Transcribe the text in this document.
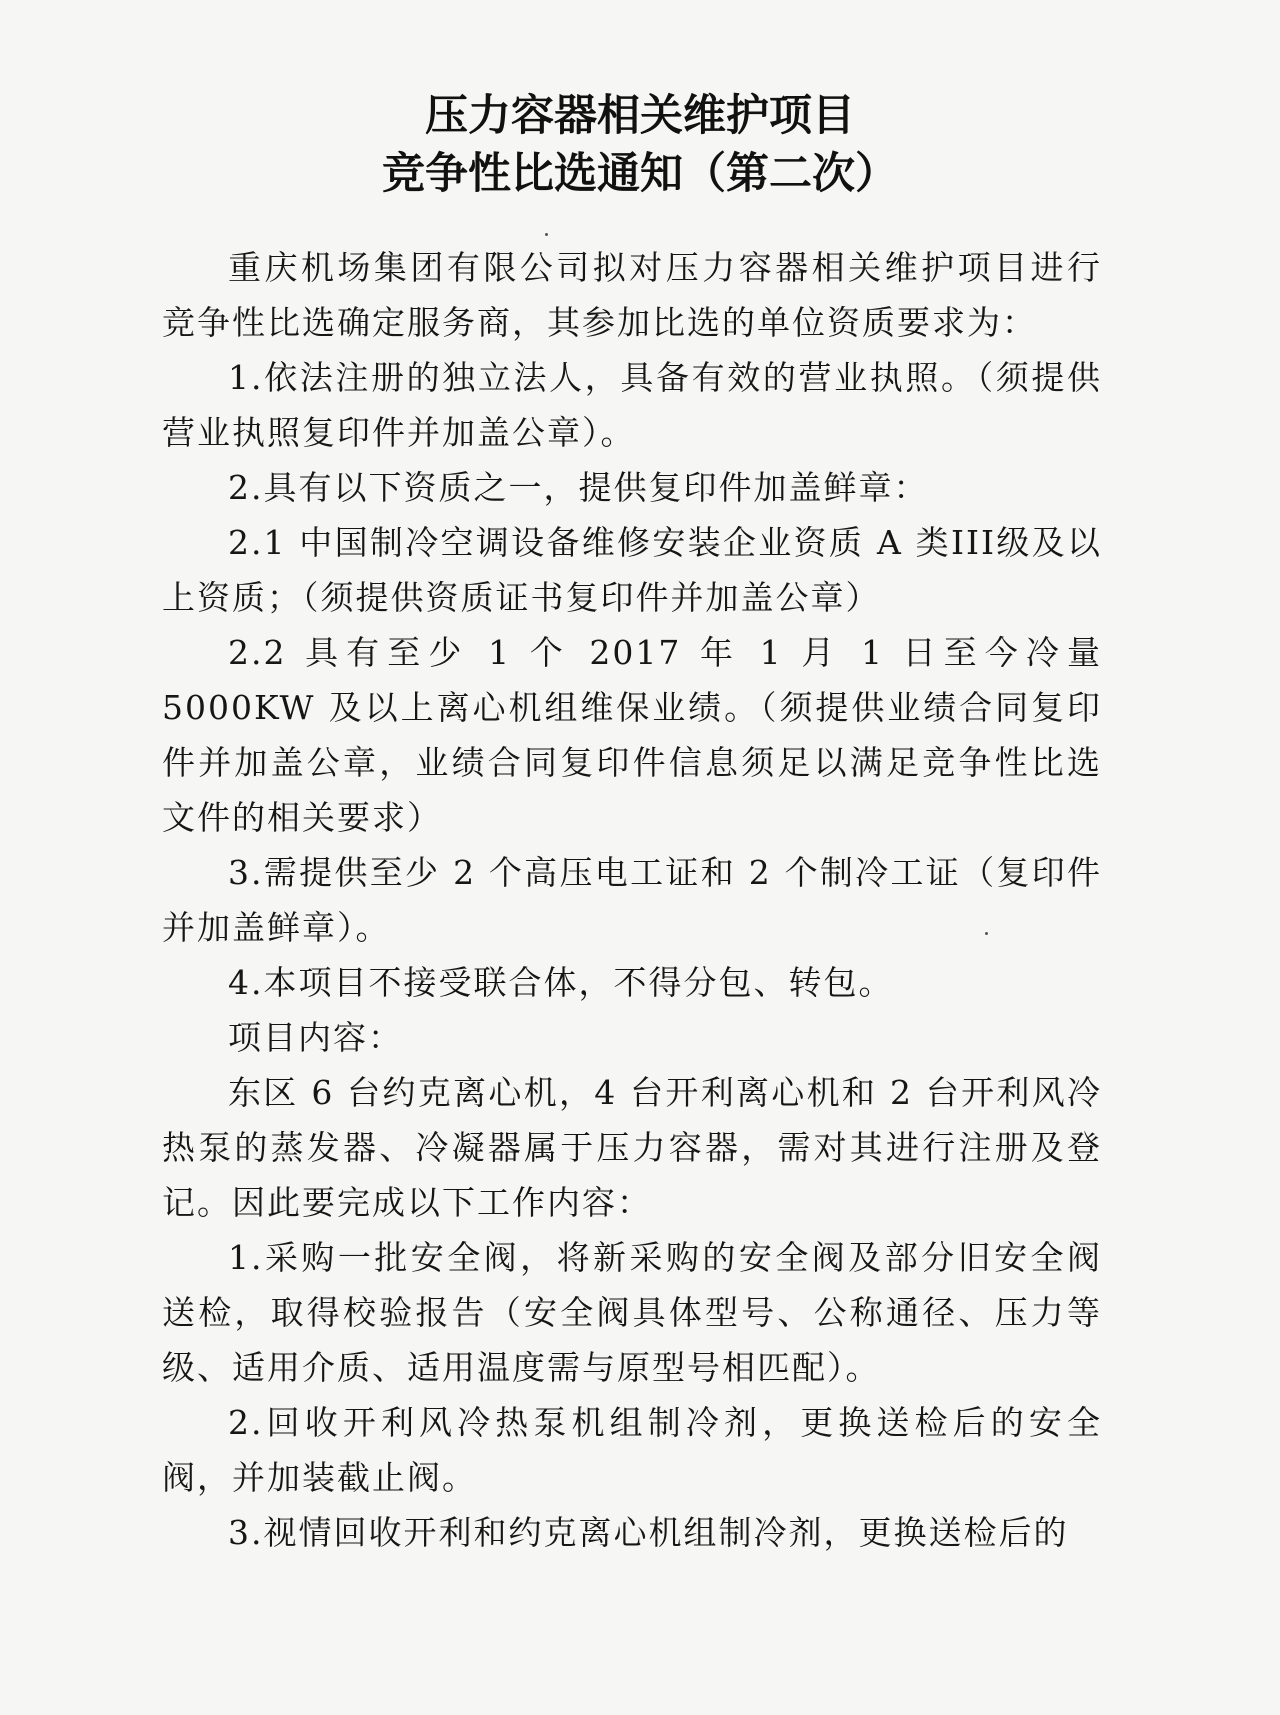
压力容器相关维护项目
竞争性比选通知（第二次）

重庆机场集团有限公司拟对压力容器相关维护项目进行竞争性比选确定服务商，其参加比选的单位资质要求为：

1.依法注册的独立法人，具备有效的营业执照。（须提供营业执照复印件并加盖公章）。

2.具有以下资质之一，提供复印件加盖鲜章：

2.1 中国制冷空调设备维修安装企业资质 A 类III级及以上资质；（须提供资质证书复印件并加盖公章）

2.2 具有至少 1 个 2017 年 1 月 1 日至今冷量 5000KW 及以上离心机组维保业绩。（须提供业绩合同复印件并加盖公章，业绩合同复印件信息须足以满足竞争性比选文件的相关要求）

3.需提供至少 2 个高压电工证和 2 个制冷工证（复印件并加盖鲜章）。

4.本项目不接受联合体，不得分包、转包。

项目内容：

东区 6 台约克离心机，4 台开利离心机和 2 台开利风冷热泵的蒸发器、冷凝器属于压力容器，需对其进行注册及登记。因此要完成以下工作内容：

1.采购一批安全阀，将新采购的安全阀及部分旧安全阀送检，取得校验报告（安全阀具体型号、公称通径、压力等级、适用介质、适用温度需与原型号相匹配）。

2.回收开利风冷热泵机组制冷剂，更换送检后的安全阀，并加装截止阀。

3.视情回收开利和约克离心机组制冷剂，更换送检后的
